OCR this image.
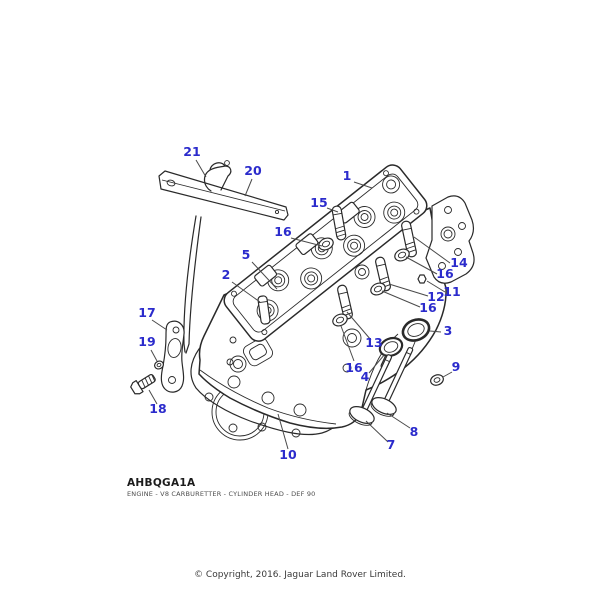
21
20	1
15
16
5
2
14
16
11
12
16
13
3
9
16
4
8
7
10
17
19
18
AHBQGA1A
ENGINE - V8 CARBURETTER - CYLINDER HEAD - DEF 90
© Copyright, 2016. Jaguar Land Rover Limited.
